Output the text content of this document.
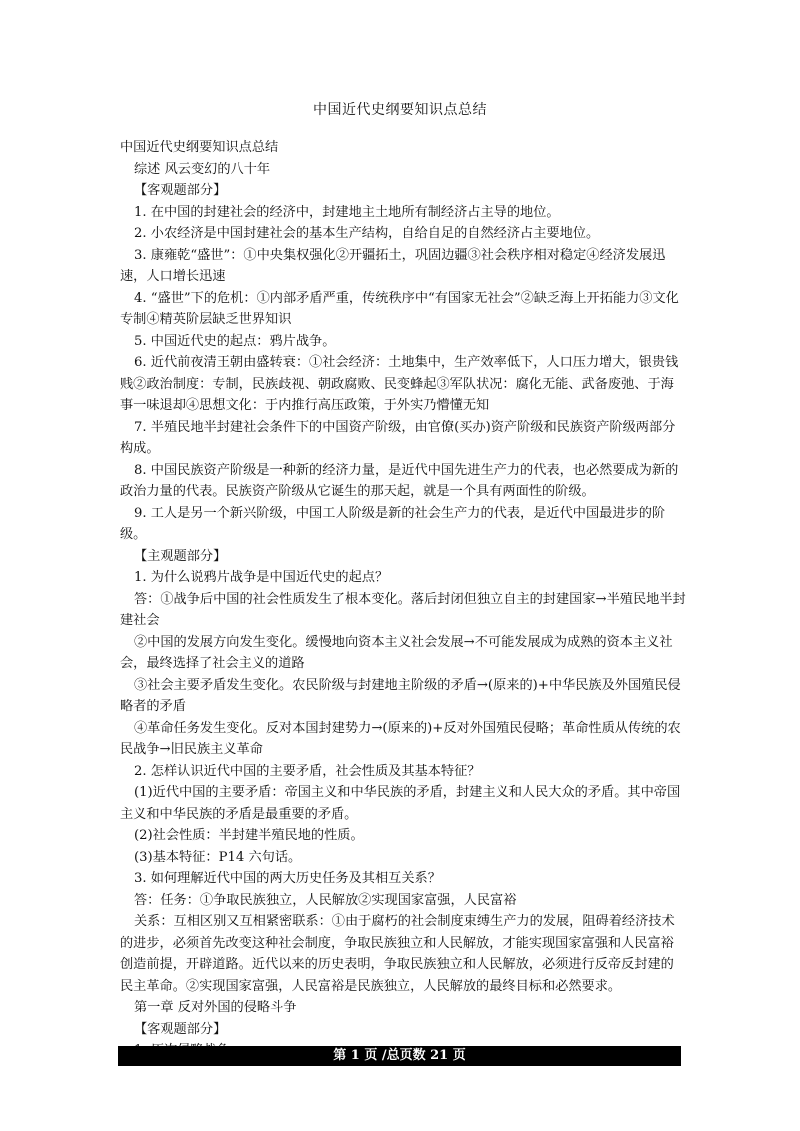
中国近代史纲要知识点总结

中国近代史纲要知识点总结

综述 风云变幻的八十年

【客观题部分】

1. 在中国的封建社会的经济中，封建地主土地所有制经济占主导的地位。

2. 小农经济是中国封建社会的基本生产结构，自给自足的自然经济占主要地位。

3. 康雍乾“盛世”：①中央集权强化②开疆拓土，巩固边疆③社会秩序相对稳定④经济发展迅速，人口增长迅速

4. “盛世”下的危机：①内部矛盾严重，传统秩序中“有国家无社会”②缺乏海上开拓能力③文化专制④精英阶层缺乏世界知识

5. 中国近代史的起点：鸦片战争。

6. 近代前夜清王朝由盛转衰：①社会经济：土地集中，生产效率低下，人口压力增大，银贵钱贱②政治制度：专制，民族歧视、朝政腐败、民变蜂起③军队状况：腐化无能、武备废弛、于海事一味退却④思想文化：于内推行高压政策，于外实乃懵懂无知

7. 半殖民地半封建社会条件下的中国资产阶级，由官僚(买办)资产阶级和民族资产阶级两部分构成。

8. 中国民族资产阶级是一种新的经济力量，是近代中国先进生产力的代表，也必然要成为新的政治力量的代表。民族资产阶级从它诞生的那天起，就是一个具有两面性的阶级。

9. 工人是另一个新兴阶级，中国工人阶级是新的社会生产力的代表，是近代中国最进步的阶级。

【主观题部分】

1. 为什么说鸦片战争是中国近代史的起点？

答：①战争后中国的社会性质发生了根本变化。落后封闭但独立自主的封建国家→半殖民地半封建社会

②中国的发展方向发生变化。缓慢地向资本主义社会发展→不可能发展成为成熟的资本主义社会，最终选择了社会主义的道路

③社会主要矛盾发生变化。农民阶级与封建地主阶级的矛盾→(原来的)+中华民族及外国殖民侵略者的矛盾

④革命任务发生变化。反对本国封建势力→(原来的)+反对外国殖民侵略；革命性质从传统的农民战争→旧民族主义革命

2. 怎样认识近代中国的主要矛盾，社会性质及其基本特征？

(1)近代中国的主要矛盾：帝国主义和中华民族的矛盾，封建主义和人民大众的矛盾。其中帝国主义和中华民族的矛盾是最重要的矛盾。

(2)社会性质：半封建半殖民地的性质。

(3)基本特征：P14 六句话。

3. 如何理解近代中国的两大历史任务及其相互关系？

答：任务：①争取民族独立，人民解放②实现国家富强，人民富裕

关系：互相区别又互相紧密联系：①由于腐朽的社会制度束缚生产力的发展，阻碍着经济技术的进步，必须首先改变这种社会制度，争取民族独立和人民解放，才能实现国家富强和人民富裕创造前提，开辟道路。近代以来的历史表明，争取民族独立和人民解放，必须进行反帝反封建的民主革命。②实现国家富强，人民富裕是民族独立，人民解放的最终目标和必然要求。

第一章 反对外国的侵略斗争

【客观题部分】

第 1 页 /总页数 21 页
